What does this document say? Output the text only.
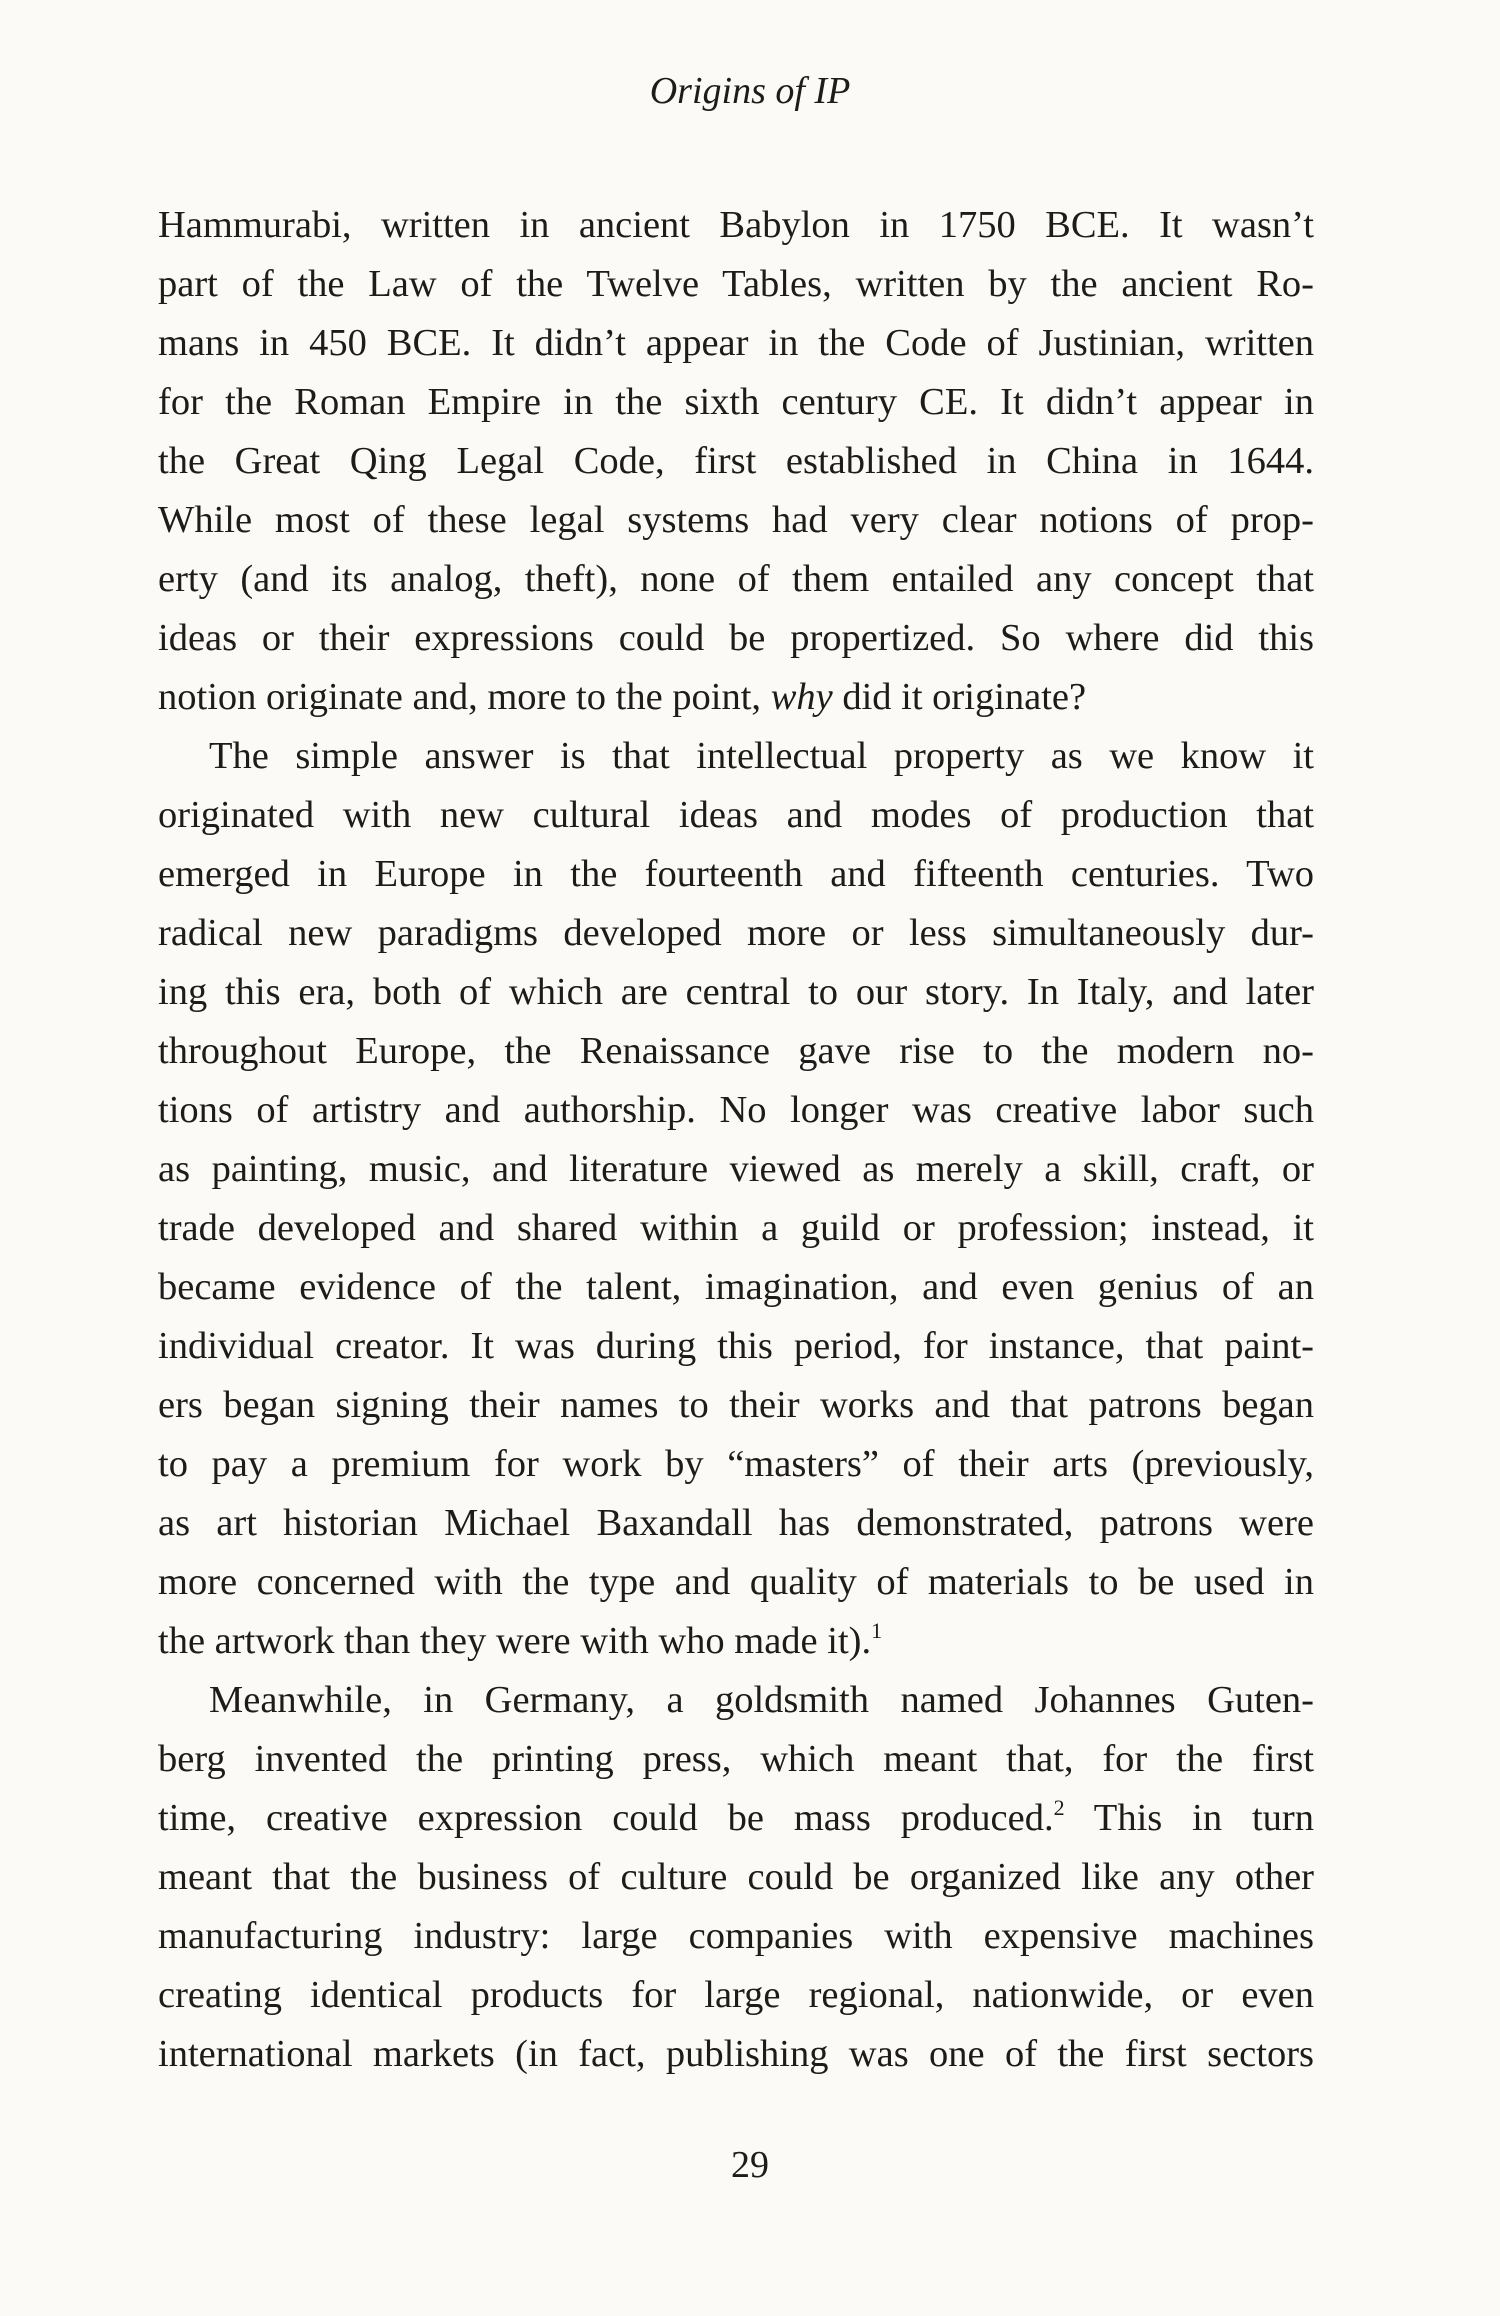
Origins of IP
Hammurabi, written in ancient Babylon in 1750 BCE. It wasn’t
part of the Law of the Twelve Tables, written by the ancient Ro-
mans in 450 BCE. It didn’t appear in the Code of Justinian, written
for the Roman Empire in the sixth century CE. It didn’t appear in
the Great Qing Legal Code, first established in China in 1644.
While most of these legal systems had very clear notions of prop-
erty (and its analog, theft), none of them entailed any concept that
ideas or their expressions could be propertized. So where did this
notion originate and, more to the point, why did it originate?
The simple answer is that intellectual property as we know it
originated with new cultural ideas and modes of production that
emerged in Europe in the fourteenth and fifteenth centuries. Two
radical new paradigms developed more or less simultaneously dur-
ing this era, both of which are central to our story. In Italy, and later
throughout Europe, the Renaissance gave rise to the modern no-
tions of artistry and authorship. No longer was creative labor such
as painting, music, and literature viewed as merely a skill, craft, or
trade developed and shared within a guild or profession; instead, it
became evidence of the talent, imagination, and even genius of an
individual creator. It was during this period, for instance, that paint-
ers began signing their names to their works and that patrons began
to pay a premium for work by “masters” of their arts (previously,
as art historian Michael Baxandall has demonstrated, patrons were
more concerned with the type and quality of materials to be used in
the artwork than they were with who made it).$^1$
Meanwhile, in Germany, a goldsmith named Johannes Guten-
berg invented the printing press, which meant that, for the first
time, creative expression could be mass produced.$^2$ This in turn
meant that the business of culture could be organized like any other
manufacturing industry: large companies with expensive machines
creating identical products for large regional, nationwide, or even
international markets (in fact, publishing was one of the first sectors
29
